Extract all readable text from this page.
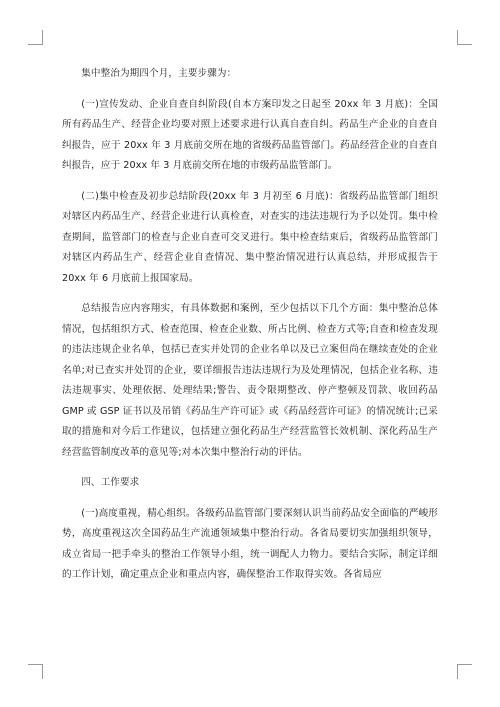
集中整治为期四个月，主要步骤为：

(一)宣传发动、企业自查自纠阶段(自本方案印发之日起至 20xx 年 3 月底)：全国所有药品生产、经营企业均要对照上述要求进行认真自查自纠。药品生产企业的自查自纠报告，应于 20xx 年 3 月底前交所在地的省级药品监管部门。药品经营企业的自查自纠报告，应于 20xx 年 3 月底前交所在地的市级药品监管部门。

(二)集中检查及初步总结阶段(20xx 年 3 月初至 6 月底)：省级药品监管部门组织对辖区内药品生产、经营企业进行认真检查，对查实的违法违规行为予以处罚。集中检查期间，监管部门的检查与企业自查可交叉进行。集中检查结束后，省级药品监管部门对辖区内药品生产、经营企业自查情况、集中整治情况进行认真总结，并形成报告于 20xx 年 6 月底前上报国家局。

总结报告应内容翔实，有具体数据和案例，至少包括以下几个方面：集中整治总体情况，包括组织方式、检查范围、检查企业数、所占比例、检查方式等;自查和检查发现的违法违规企业名单，包括已查实并处罚的企业名单以及已立案但尚在继续查处的企业名单;对已查实并处罚的企业，要详细报告违法违规行为及处理情况，包括企业名称、违法违规事实、处理依据、处理结果;警告、责令限期整改、停产整顿及罚款、收回药品 GMP 或 GSP 证书以及吊销《药品生产许可证》或《药品经营许可证》的情况统计;已采取的措施和对今后工作建议，包括建立强化药品生产经营监管长效机制、深化药品生产经营监管制度改革的意见等;对本次集中整治行动的评估。

四、工作要求

(一)高度重视，精心组织。各级药品监管部门要深刻认识当前药品安全面临的严峻形势，高度重视这次全国药品生产流通领域集中整治行动。各省局要切实加强组织领导，成立省局一把手牵头的整治工作领导小组，统一调配人力物力。要结合实际，制定详细的工作计划，确定重点企业和重点内容，确保整治工作取得实效。各省局应
